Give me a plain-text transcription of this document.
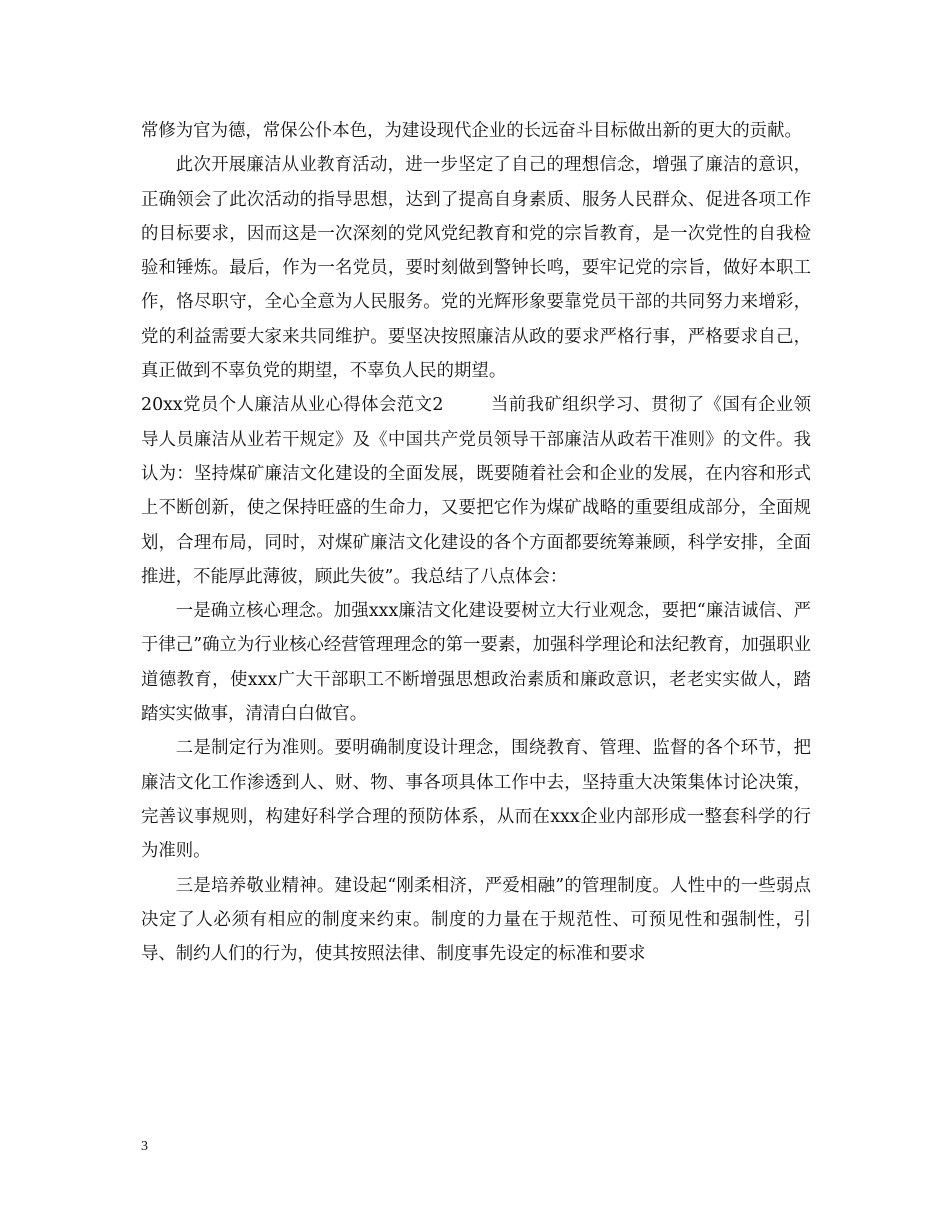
常修为官为德，常保公仆本色，为建设现代企业的长远奋斗目标做出新的更大的贡献。

此次开展廉洁从业教育活动，进一步坚定了自己的理想信念，增强了廉洁的意识，正确领会了此次活动的指导思想，达到了提高自身素质、服务人民群众、促进各项工作的目标要求，因而这是一次深刻的党风党纪教育和党的宗旨教育，是一次党性的自我检验和锤炼。最后，作为一名党员，要时刻做到警钟长鸣，要牢记党的宗旨，做好本职工作，恪尽职守，全心全意为人民服务。党的光辉形象要靠党员干部的共同努力来增彩，党的利益需要大家来共同维护。要坚决按照廉洁从政的要求严格行事，严格要求自己，真正做到不辜负党的期望，不辜负人民的期望。

20xx党员个人廉洁从业心得体会范文2	当前我矿组织学习、贯彻了《国有企业领导人员廉洁从业若干规定》及《中国共产党员领导干部廉洁从政若干准则》的文件。我认为：坚持煤矿廉洁文化建设的全面发展，既要随着社会和企业的发展，在内容和形式上不断创新，使之保持旺盛的生命力，又要把它作为煤矿战略的重要组成部分，全面规划，合理布局，同时，对煤矿廉洁文化建设的各个方面都要统筹兼顾，科学安排，全面推进，不能厚此薄彼，顾此失彼”。我总结了八点体会：

一是确立核心理念。加强xxx廉洁文化建设要树立大行业观念，要把“廉洁诚信、严于律己”确立为行业核心经营管理理念的第一要素，加强科学理论和法纪教育，加强职业道德教育，使xxx广大干部职工不断增强思想政治素质和廉政意识，老老实实做人，踏踏实实做事，清清白白做官。

二是制定行为准则。要明确制度设计理念，围绕教育、管理、监督的各个环节，把廉洁文化工作渗透到人、财、物、事各项具体工作中去，坚持重大决策集体讨论决策，完善议事规则，构建好科学合理的预防体系，从而在xxx企业内部形成一整套科学的行为准则。

三是培养敬业精神。建设起“刚柔相济，严爱相融”的管理制度。人性中的一些弱点决定了人必须有相应的制度来约束。制度的力量在于规范性、可预见性和强制性，引导、制约人们的行为，使其按照法律、制度事先设定的标准和要求

3
